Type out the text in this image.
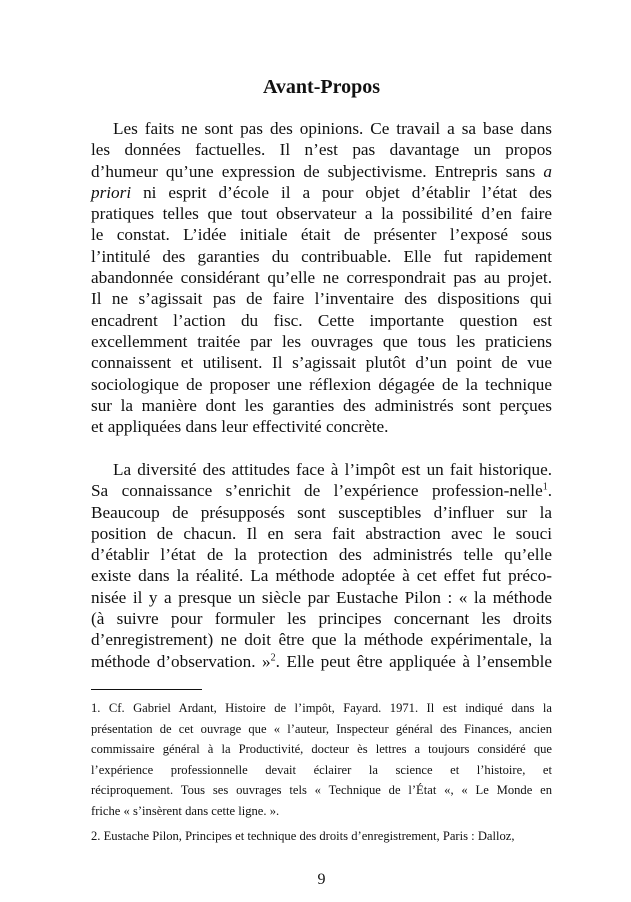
Avant-Propos
Les faits ne sont pas des opinions. Ce travail a sa base dans
les données factuelles. Il n’est pas davantage un propos
d’humeur qu’une expression de subjectivisme. Entrepris sans a
priori ni esprit d’école il a pour objet d’établir l’état des
pratiques telles que tout observateur a la possibilité d’en faire
le constat. L’idée initiale était de présenter l’exposé sous
l’intitulé des garanties du contribuable. Elle fut rapidement
abandonnée considérant qu’elle ne correspondrait pas au projet.
Il ne s’agissait pas de faire l’inventaire des dispositions qui
encadrent l’action du fisc. Cette importante question est
excellemment traitée par les ouvrages que tous les praticiens
connaissent et utilisent. Il s’agissait plutôt d’un point de vue
sociologique de proposer une réflexion dégagée de la technique
sur la manière dont les garanties des administrés sont perçues
et appliquées dans leur effectivité concrète.
La diversité des attitudes face à l’impôt est un fait historique.
Sa connaissance s’enrichit de l’expérience profession-nelle$^1$.
Beaucoup de présupposés sont susceptibles d’influer sur la
position de chacun. Il en sera fait abstraction avec le souci
d’établir l’état de la protection des administrés telle qu’elle
existe dans la réalité. La méthode adoptée à cet effet fut préco-
nisée il y a presque un siècle par Eustache Pilon : « la méthode
(à suivre pour formuler les principes concernant les droits
d’enregistrement) ne doit être que la méthode expérimentale, la
méthode d’observation. »$^2$. Elle peut être appliquée à l’ensemble
1. Cf. Gabriel Ardant, Histoire de l’impôt, Fayard. 1971. Il est indiqué dans la
présentation de cet ouvrage que « l’auteur, Inspecteur général des Finances, ancien
commissaire général à la Productivité, docteur ès lettres a toujours considéré que
l’expérience professionnelle devait éclairer la science et l’histoire, et
réciproquement. Tous ses ouvrages tels « Technique de l’État «, « Le Monde en
friche « s’insèrent dans cette ligne. ».
2. Eustache Pilon, Principes et technique des droits d’enregistrement, Paris : Dalloz,
9
